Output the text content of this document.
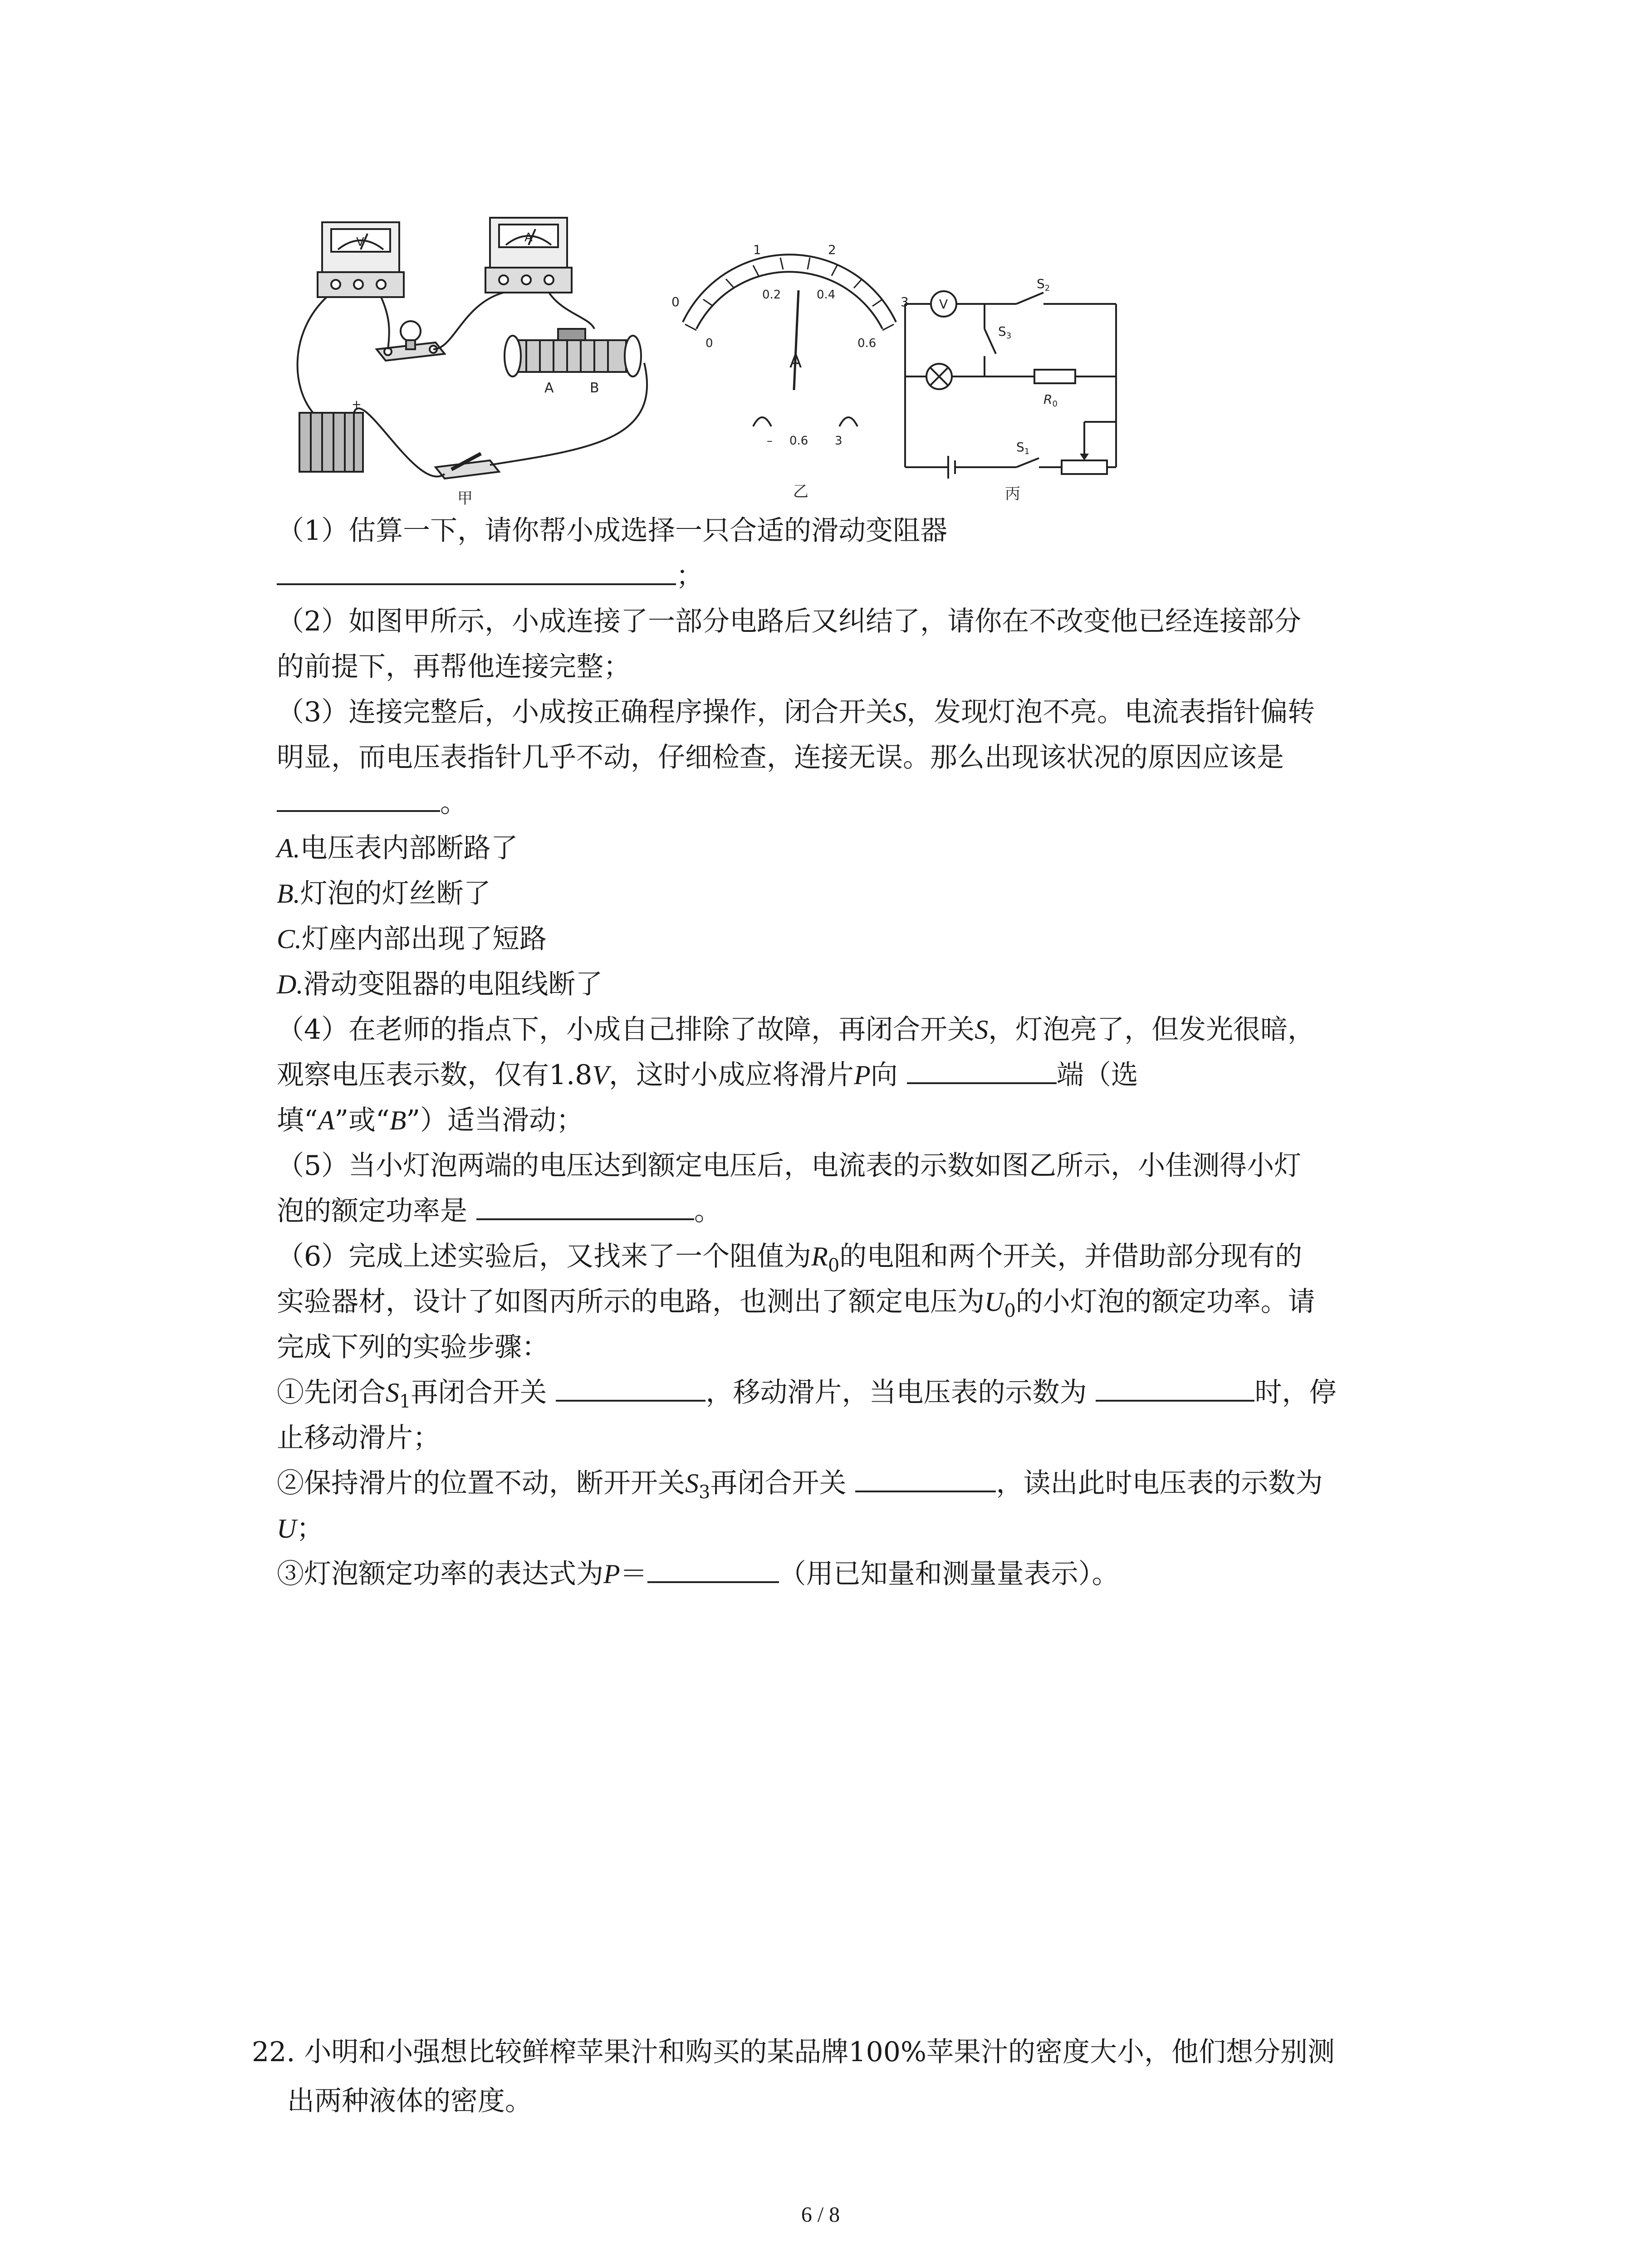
V	A
A	B
+
甲
0
1	2
3
0
0.2	0.4
0.6
A
– 0.6 3
乙
V
$S_2$
$S_3$
$R_0$
$S_1$
丙
（1）估算一下，请你帮小成选择一只合适的滑动变阻器
；
（2）如图甲所示，小成连接了一部分电路后又纠结了，请你在不改变他已经连接部分
的前提下，再帮他连接完整；
（3）连接完整后，小成按正确程序操作，闭合开关S，发现灯泡不亮。电流表指针偏转
明显，而电压表指针几乎不动，仔细检查，连接无误。那么出现该状况的原因应该是
。
A.电压表内部断路了
B.灯泡的灯丝断了
C.灯座内部出现了短路
D.滑动变阻器的电阻线断了
（4）在老师的指点下，小成自己排除了故障，再闭合开关S，灯泡亮了，但发光很暗，
观察电压表示数，仅有1.8V，这时小成应将滑片P向	端（选
填“A”或“B”）适当滑动；
（5）当小灯泡两端的电压达到额定电压后，电流表的示数如图乙所示，小佳测得小灯
泡的额定功率是	。
（6）完成上述实验后，又找来了一个阻值为$R_0$的电阻和两个开关，并借助部分现有的
实验器材，设计了如图丙所示的电路，也测出了额定电压为$U_0$的小灯泡的额定功率。请
完成下列的实验步骤：
①先闭合$S_1$再闭合开关	，移动滑片，当电压表的示数为	时，停
止移动滑片；
②保持滑片的位置不动，断开开关$S_3$再闭合开关	，读出此时电压表的示数为
U；
③灯泡额定功率的表达式为P＝	（用已知量和测量量表示）。
22. 小明和小强想比较鲜榨苹果汁和购买的某品牌100%苹果汁的密度大小，他们想分别测
出两种液体的密度。
6 / 8
